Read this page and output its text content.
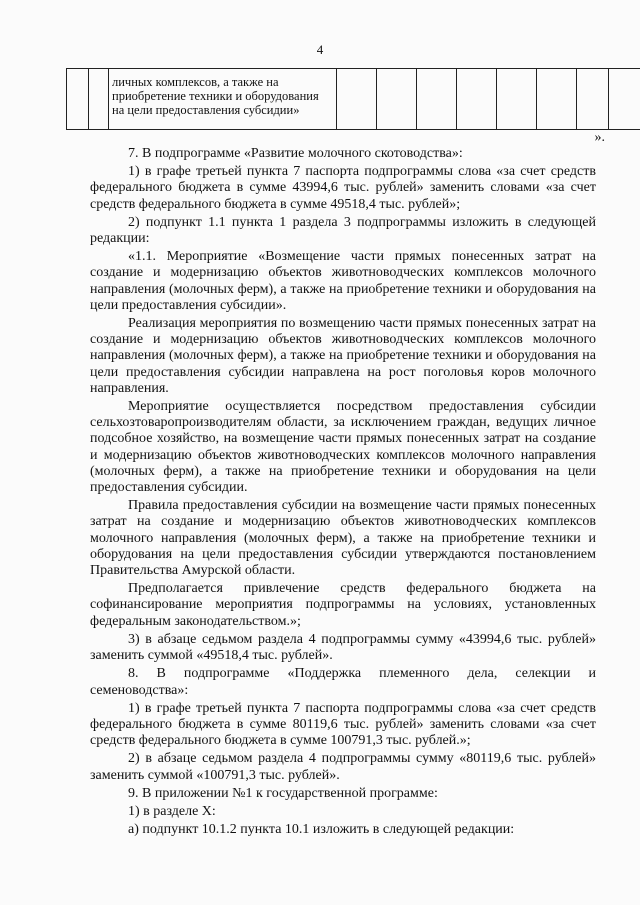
4

личных комплексов, а также на приобретение техники и оборудования на цели предоставления субсидии»

».

7. В подпрограмме «Развитие молочного скотоводства»:

1) в графе третьей пункта 7 паспорта подпрограммы слова «за счет средств федерального бюджета в сумме 43994,6 тыс. рублей» заменить словами «за счет средств федерального бюджета в сумме 49518,4 тыс. рублей»;

2) подпункт 1.1 пункта 1 раздела 3 подпрограммы изложить в следующей редакции:

«1.1. Мероприятие «Возмещение части прямых понесенных затрат на создание и модернизацию объектов животноводческих комплексов молочного направления (молочных ферм), а также на приобретение техники и оборудования на цели предоставления субсидии».

Реализация мероприятия по возмещению части прямых понесенных затрат на создание и модернизацию объектов животноводческих комплексов молочного направления (молочных ферм), а также на приобретение техники и оборудования на цели предоставления субсидии направлена на рост поголовья коров молочного направления.

Мероприятие осуществляется посредством предоставления субсидии сельхозтоваропроизводителям области, за исключением граждан, ведущих личное подсобное хозяйство, на возмещение части прямых понесенных затрат на создание и модернизацию объектов животноводческих комплексов молочного направления (молочных ферм), а также на приобретение техники и оборудования на цели предоставления субсидии.

Правила предоставления субсидии на возмещение части прямых понесенных затрат на создание и модернизацию объектов животноводческих комплексов молочного направления (молочных ферм), а также на приобретение техники и оборудования на цели предоставления субсидии утверждаются постановлением Правительства Амурской области.

Предполагается привлечение средств федерального бюджета на софинансирование мероприятия подпрограммы на условиях, установленных федеральным законодательством.»;

3) в абзаце седьмом раздела 4 подпрограммы сумму «43994,6 тыс. рублей» заменить суммой «49518,4 тыс. рублей».

8. В подпрограмме «Поддержка племенного дела, селекции и семеноводства»:

1) в графе третьей пункта 7 паспорта подпрограммы слова «за счет средств федерального бюджета в сумме 80119,6 тыс. рублей» заменить словами «за счет средств федерального бюджета в сумме 100791,3 тыс. рублей.»;

2) в абзаце седьмом раздела 4 подпрограммы сумму «80119,6 тыс. рублей» заменить суммой «100791,3 тыс. рублей».

9. В приложении №1 к государственной программе:

1) в разделе X:

а) подпункт 10.1.2 пункта 10.1 изложить в следующей редакции:
